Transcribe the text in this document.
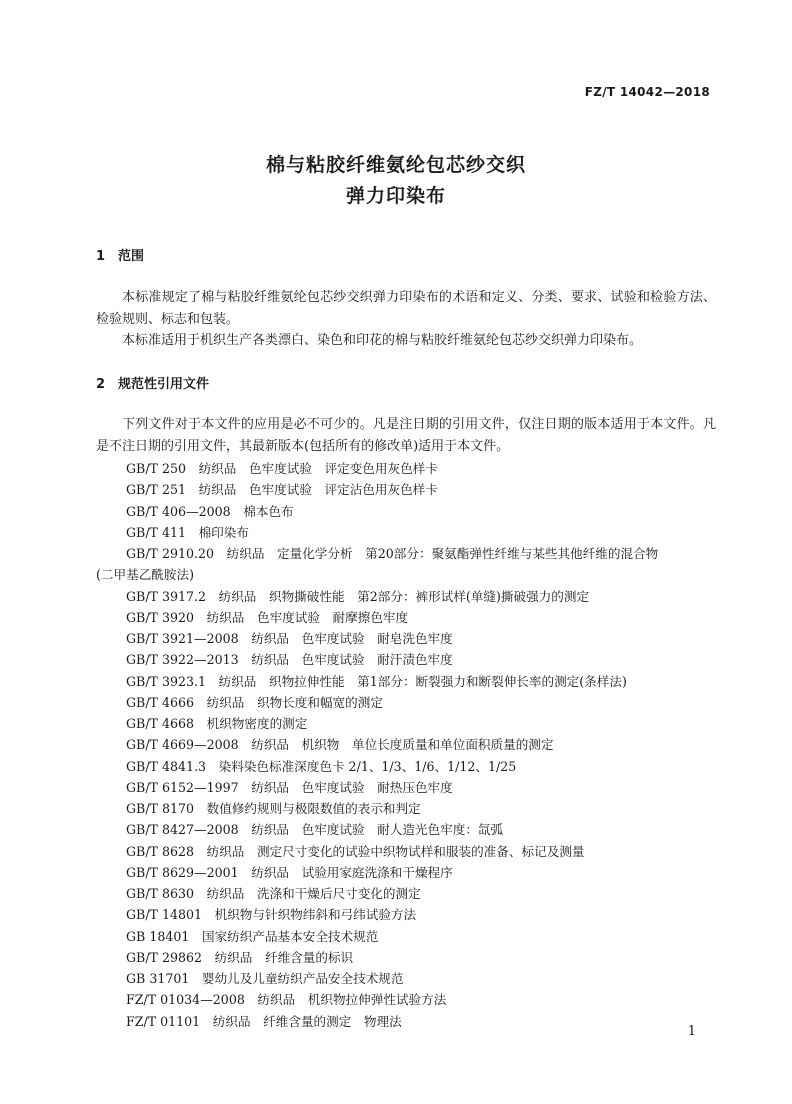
FZ/T 14042—2018
棉与粘胶纤维氨纶包芯纱交织
弹力印染布
1 范围
本标准规定了棉与粘胶纤维氨纶包芯纱交织弹力印染布的术语和定义、分类、要求、试验和检验方法、检验规则、标志和包装。
本标准适用于机织生产各类漂白、染色和印花的棉与粘胶纤维氨纶包芯纱交织弹力印染布。
2 规范性引用文件
下列文件对于本文件的应用是必不可少的。凡是注日期的引用文件，仅注日期的版本适用于本文件。凡是不注日期的引用文件，其最新版本(包括所有的修改单)适用于本文件。
GB/T 250　纺织品　色牢度试验　评定变色用灰色样卡
GB/T 251　纺织品　色牢度试验　评定沾色用灰色样卡
GB/T 406—2008　棉本色布
GB/T 411　棉印染布
GB/T 2910.20　纺织品　定量化学分析　第20部分：聚氨酯弹性纤维与某些其他纤维的混合物
(二甲基乙酰胺法)
GB/T 3917.2　纺织品　织物撕破性能　第2部分：裤形试样(单缝)撕破强力的测定
GB/T 3920　纺织品　色牢度试验　耐摩擦色牢度
GB/T 3921—2008　纺织品　色牢度试验　耐皂洗色牢度
GB/T 3922—2013　纺织品　色牢度试验　耐汗渍色牢度
GB/T 3923.1　纺织品　织物拉伸性能　第1部分：断裂强力和断裂伸长率的测定(条样法)
GB/T 4666　纺织品　织物长度和幅宽的测定
GB/T 4668　机织物密度的测定
GB/T 4669—2008　纺织品　机织物　单位长度质量和单位面积质量的测定
GB/T 4841.3　染料染色标准深度色卡 2/1、1/3、1/6、1/12、1/25
GB/T 6152—1997　纺织品　色牢度试验　耐热压色牢度
GB/T 8170　数值修约规则与极限数值的表示和判定
GB/T 8427—2008　纺织品　色牢度试验　耐人造光色牢度：氙弧
GB/T 8628　纺织品　测定尺寸变化的试验中织物试样和服装的准备、标记及测量
GB/T 8629—2001　纺织品　试验用家庭洗涤和干燥程序
GB/T 8630　纺织品　洗涤和干燥后尺寸变化的测定
GB/T 14801　机织物与针织物纬斜和弓纬试验方法
GB 18401　国家纺织产品基本安全技术规范
GB/T 29862　纺织品　纤维含量的标识
GB 31701　婴幼儿及儿童纺织产品安全技术规范
FZ/T 01034—2008　纺织品　机织物拉伸弹性试验方法
FZ/T 01101　纺织品　纤维含量的测定　物理法
1
